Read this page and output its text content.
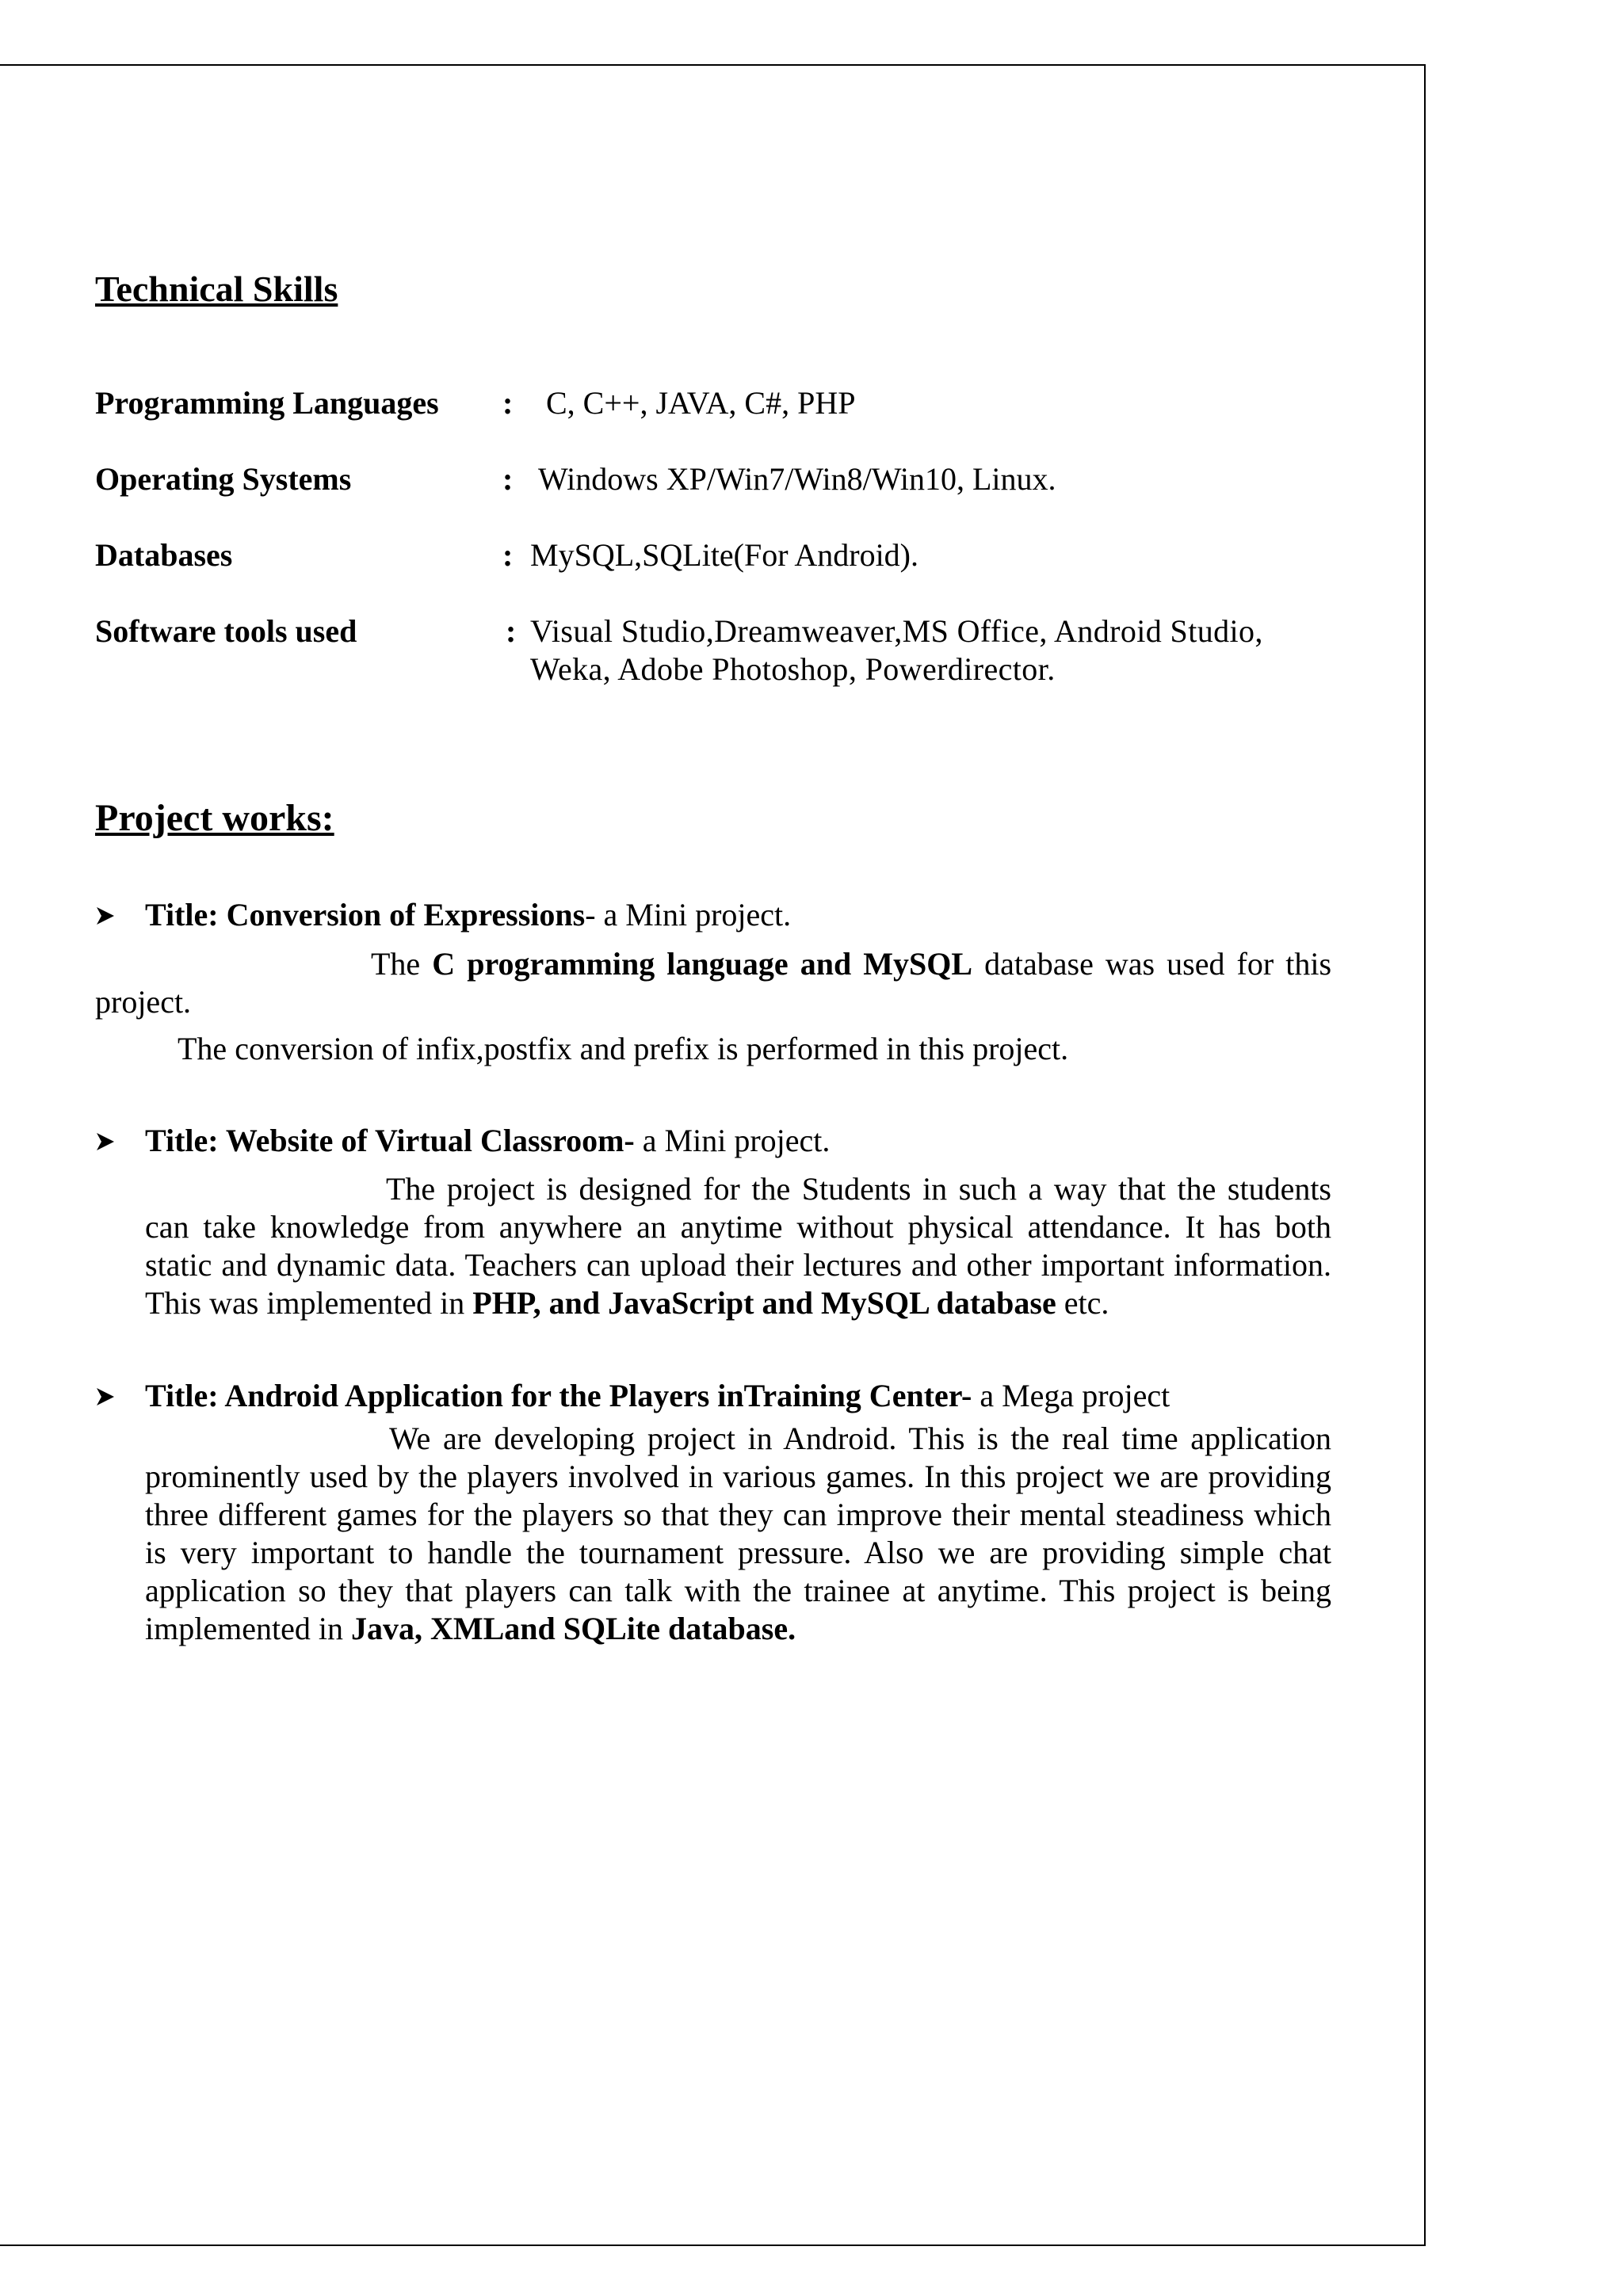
Technical Skills
Programming Languages : C, C++, JAVA, C#, PHP
Operating Systems	: Windows XP/Win7/Win8/Win10, Linux.
Databases	: MySQL,SQLite(For Android).
Software tools used	: Visual Studio,Dreamweaver,MS Office, Android Studio, Weka, Adobe Photoshop, Powerdirector.
Project works:
Title: Conversion of Expressions- a Mini project.
The C programming language and MySQL database was used for this project.
The conversion of infix,postfix and prefix is performed in this project.
Title: Website of Virtual Classroom- a Mini project.
The project is designed for the Students in such a way that the students can take knowledge from anywhere an anytime without physical attendance. It has both static and dynamic data. Teachers can upload their lectures and other important information. This was implemented in PHP, and JavaScript and MySQL database etc.
Title: Android Application for the Players inTraining Center- a Mega project
We are developing project in Android. This is the real time application prominently used by the players involved in various games. In this project we are providing three different games for the players so that they can improve their mental steadiness which is very important to handle the tournament pressure. Also we are providing simple chat application so they that players can talk with the trainee at anytime. This project is being implemented in Java, XMLand SQLite database.
